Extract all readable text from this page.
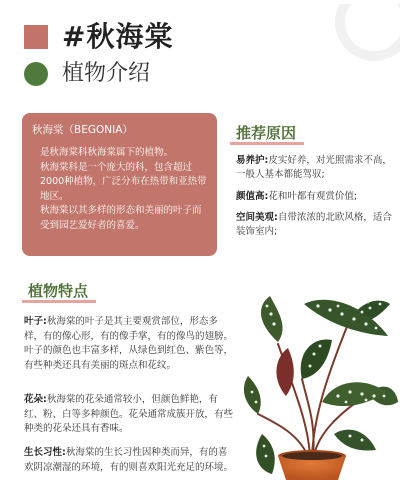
#秋海棠
植物介绍
秋海棠（BEGONIA）
是秋海棠科秋海棠属下的植物。
秋海棠科是一个庞大的科，包含超过2000种植物，广泛分布在热带和亚热带地区。
秋海棠以其多样的形态和美丽的叶子而受到园艺爱好者的喜爱。
推荐原因
易养护:皮实好养，对光照需求不高，一般人基本都能驾驭;
颜值高:花和叶都有观赏价值;
空间美观:自带浓浓的北欧风格，适合装饰室内;
植物特点
叶子:秋海棠的叶子是其主要观赏部位，形态多样，有的像心形，有的像手掌，有的像鸟的翅膀。叶子的颜色也丰富多样，从绿色到红色、紫色等，有些种类还具有美丽的斑点和花纹。
花朵:秋海棠的花朵通常较小，但颜色鲜艳，有红、粉、白等多种颜色。花朵通常成簇开放，有些种类的花朵还具有香味。
生长习性:秋海棠的生长习性因种类而异，有的喜欢阴凉潮湿的环境，有的则喜欢阳光充足的环境。
